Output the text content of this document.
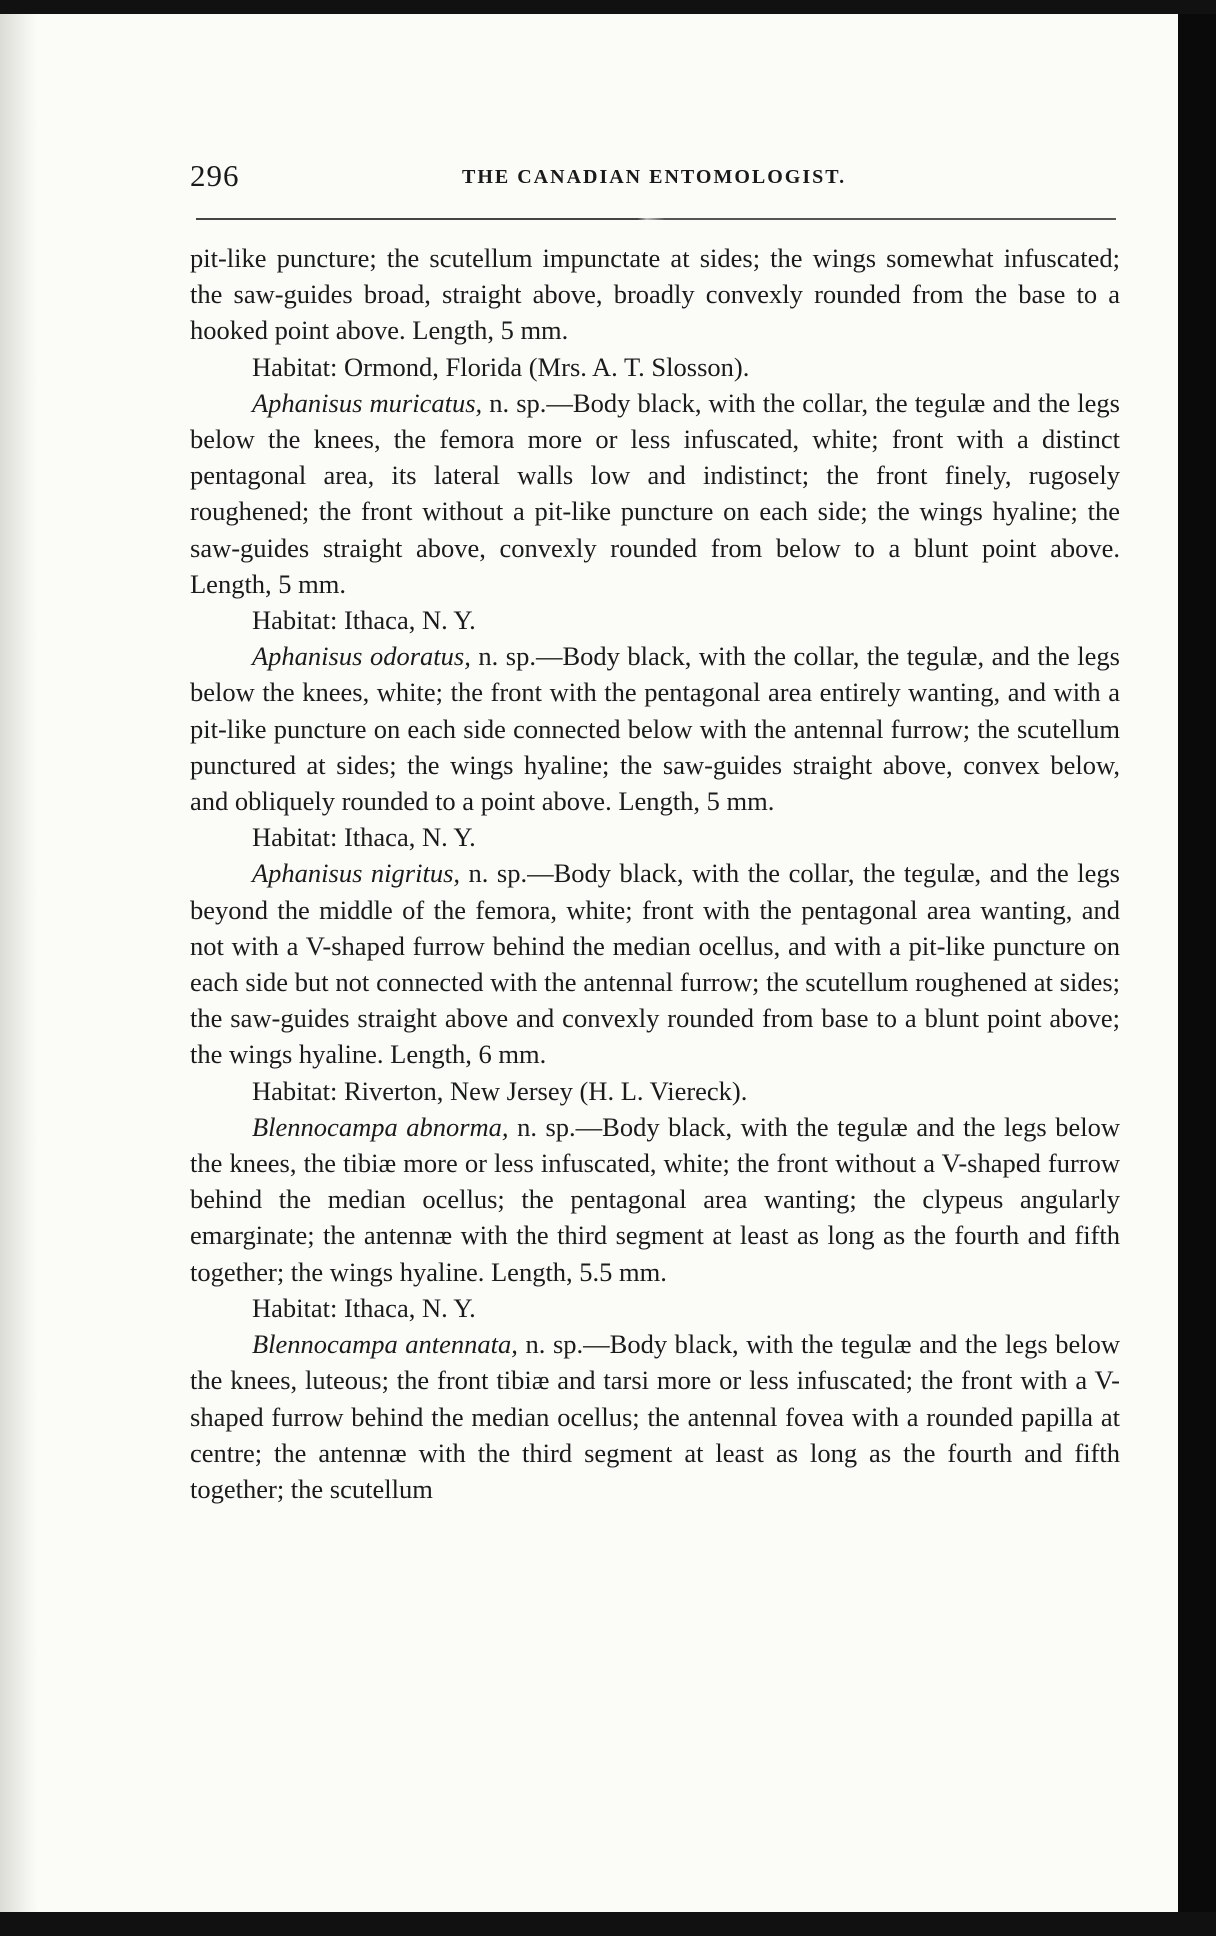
296	THE CANADIAN ENTOMOLOGIST.

pit-like puncture; the scutellum impunctate at sides; the wings somewhat infuscated; the saw-guides broad, straight above, broadly convexly rounded from the base to a hooked point above. Length, 5 mm.

Habitat: Ormond, Florida (Mrs. A. T. Slosson).

Aphanisus muricatus, n. sp.—Body black, with the collar, the tegulæ and the legs below the knees, the femora more or less infuscated, white; front with a distinct pentagonal area, its lateral walls low and indistinct; the front finely, rugosely roughened; the front without a pit-like puncture on each side; the wings hyaline; the saw-guides straight above, convexly rounded from below to a blunt point above. Length, 5 mm.

Habitat: Ithaca, N. Y.

Aphanisus odoratus, n. sp.—Body black, with the collar, the tegulæ, and the legs below the knees, white; the front with the pentagonal area entirely wanting, and with a pit-like puncture on each side connected below with the antennal furrow; the scutellum punctured at sides; the wings hyaline; the saw-guides straight above, convex below, and obliquely rounded to a point above. Length, 5 mm.

Habitat: Ithaca, N. Y.

Aphanisus nigritus, n. sp.—Body black, with the collar, the tegulæ, and the legs beyond the middle of the femora, white; front with the pentagonal area wanting, and not with a V-shaped furrow behind the median ocellus, and with a pit-like puncture on each side but not connected with the antennal furrow; the scutellum roughened at sides; the saw-guides straight above and convexly rounded from base to a blunt point above; the wings hyaline. Length, 6 mm.

Habitat: Riverton, New Jersey (H. L. Viereck).

Blennocampa abnorma, n. sp.—Body black, with the tegulæ and the legs below the knees, the tibiæ more or less infuscated, white; the front without a V-shaped furrow behind the median ocellus; the pentagonal area wanting; the clypeus angularly emarginate; the antennæ with the third segment at least as long as the fourth and fifth together; the wings hyaline. Length, 5.5 mm.

Habitat: Ithaca, N. Y.

Blennocampa antennata, n. sp.—Body black, with the tegulæ and the legs below the knees, luteous; the front tibiæ and tarsi more or less infuscated; the front with a V-shaped furrow behind the median ocellus; the antennal fovea with a rounded papilla at centre; the antennæ with the third segment at least as long as the fourth and fifth together; the scutellum
